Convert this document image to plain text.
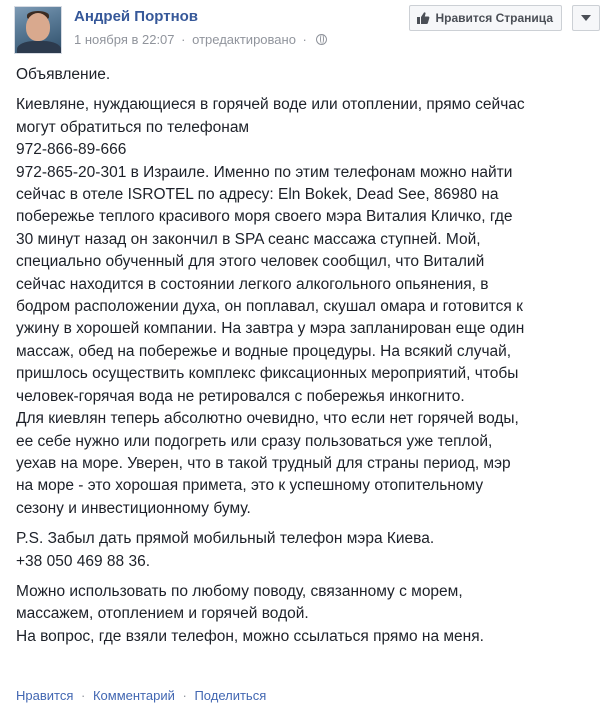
Андрей Портнов
1 ноября в 22:07 · отредактировано ·
Нравится Страница
Объявление.
Киевляне, нуждающиеся в горячей воде или отоплении, прямо сейчас
могут обратиться по телефонам
972-866-89-666
972-865-20-301 в Израиле. Именно по этим телефонам можно найти
сейчас в отеле ISROTEL по адресу: Eln Bokek, Dead See, 86980 на
побережье теплого красивого моря своего мэра Виталия Кличко, где
30 минут назад он закончил в SPA сеанс массажа ступней. Мой,
специально обученный для этого человек сообщил, что Виталий
сейчас находится в состоянии легкого алкогольного опьянения, в
бодром расположении духа, он поплавал, скушал омара и готовится к
ужину в хорошей компании. На завтра у мэра запланирован еще один
массаж, обед на побережье и водные процедуры. На всякий случай,
пришлось осуществить комплекс фиксационных мероприятий, чтобы
человек-горячая вода не ретировался с побережья инкогнито.
Для киевлян теперь абсолютно очевидно, что если нет горячей воды,
ее себе нужно или подогреть или сразу пользоваться уже теплой,
уехав на море. Уверен, что в такой трудный для страны период, мэр
на море - это хорошая примета, это к успешному отопительному
сезону и инвестиционному буму.
P.S. Забыл дать прямой мобильный телефон мэра Киева.
+38 050 469 88 36.
Можно использовать по любому поводу, связанному с морем,
массажем, отоплением и горячей водой.
На вопрос, где взяли телефон, можно ссылаться прямо на меня.
Нравится · Комментарий · Поделиться
